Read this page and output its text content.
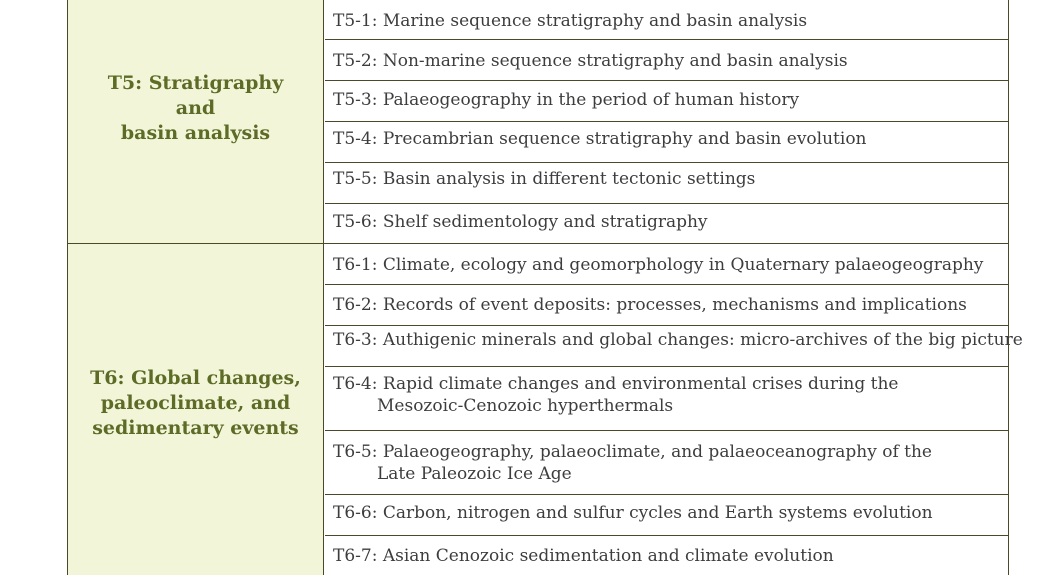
T5: Stratigraphy
and
basin analysis
T5-1: Marine sequence stratigraphy and basin analysis
T5-2: Non-marine sequence stratigraphy and basin analysis
T5-3: Palaeogeography in the period of human history
T5-4: Precambrian sequence stratigraphy and basin evolution
T5-5: Basin analysis in different tectonic settings
T5-6: Shelf sedimentology and stratigraphy
T6: Global changes,
paleoclimate, and
sedimentary events
T6-1: Climate, ecology and geomorphology in Quaternary palaeogeography
T6-2: Records of event deposits: processes, mechanisms and implications
T6-3: Authigenic minerals and global changes: micro-archives of the big picture
T6-4: Rapid climate changes and environmental crises during the
Mesozoic-Cenozoic hyperthermals
T6-5: Palaeogeography, palaeoclimate, and palaeoceanography of the
Late Paleozoic Ice Age
T6-6: Carbon, nitrogen and sulfur cycles and Earth systems evolution
T6-7: Asian Cenozoic sedimentation and climate evolution
